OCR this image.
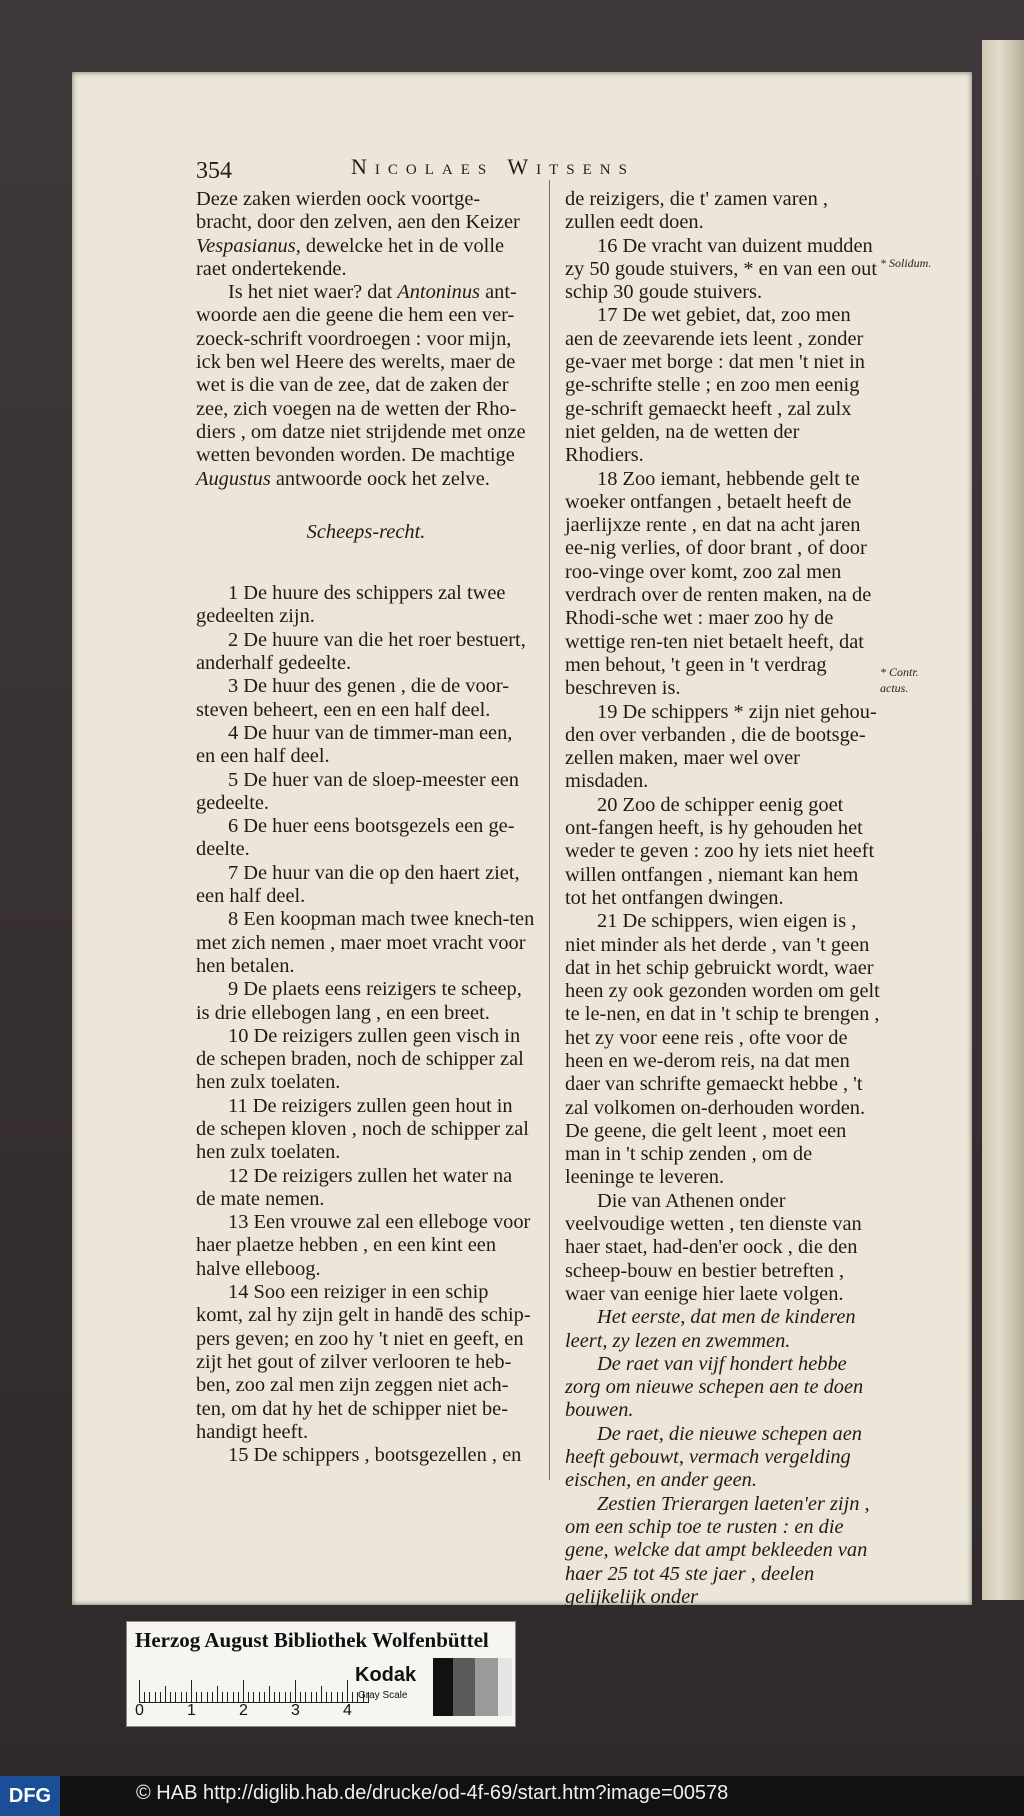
354	Nicolaes Witsens

Deze zaken wierden oock voortge-bracht, door den zelven, aen den Keizer Vespasianus, dewelcke het in de volle raet ondertekende.

Is het niet waer? dat Antoninus ant-woorde aen die geene die hem een ver-zoeck-schrift voordroegen : voor mijn, ick ben wel Heere des werelts, maer de wet is die van de zee, dat de zaken der zee, zich voegen na de wetten der Rho-diers , om datze niet strijdende met onze wetten bevonden worden. De machtige Augustus antwoorde oock het zelve.

Scheeps-recht.

1 De huure des schippers zal twee gedeelten zijn.

2 De huure van die het roer bestuert, anderhalf gedeelte.

3 De huur des genen , die de voor-steven beheert, een en een half deel.

4 De huur van de timmer-man een, en een half deel.

5 De huer van de sloep-meester een gedeelte.

6 De huer eens bootsgezels een ge-deelte.

7 De huur van die op den haert ziet, een half deel.

8 Een koopman mach twee knech-ten met zich nemen , maer moet vracht voor hen betalen.

9 De plaets eens reizigers te scheep, is drie ellebogen lang , en een breet.

10 De reizigers zullen geen visch in de schepen braden, noch de schipper zal hen zulx toelaten.

11 De reizigers zullen geen hout in de schepen kloven , noch de schipper zal hen zulx toelaten.

12 De reizigers zullen het water na de mate nemen.

13 Een vrouwe zal een elleboge voor haer plaetze hebben , en een kint een halve elleboog.

14 Soo een reiziger in een schip komt, zal hy zijn gelt in handē des schip-pers geven; en zoo hy 't niet en geeft, en zijt het gout of zilver verlooren te heb-ben, zoo zal men zijn zeggen niet ach-ten, om dat hy het de schipper niet be-handigt heeft.

15 De schippers , bootsgezellen , en

de reizigers, die t' zamen varen , zullen eedt doen.

16 De vracht van duizent mudden zy 50 goude stuivers, * en van een out schip 30 goude stuivers.

17 De wet gebiet, dat, zoo men aen de zeevarende iets leent , zonder ge-vaer met borge : dat men 't niet in ge-schrifte stelle ; en zoo men eenig ge-schrift gemaeckt heeft , zal zulx niet gelden, na de wetten der Rhodiers.

18 Zoo iemant, hebbende gelt te woeker ontfangen , betaelt heeft de jaerlijxze rente , en dat na acht jaren ee-nig verlies, of door brant , of door roo-vinge over komt, zoo zal men verdrach over de renten maken, na de Rhodi-sche wet : maer zoo hy de wettige ren-ten niet betaelt heeft, dat men behout, 't geen in 't verdrag beschreven is.

19 De schippers * zijn niet gehou-den over verbanden , die de bootsge-zellen maken, maer wel over misdaden.

20 Zoo de schipper eenig goet ont-fangen heeft, is hy gehouden het weder te geven : zoo hy iets niet heeft willen ontfangen , niemant kan hem tot het ontfangen dwingen.

21 De schippers, wien eigen is , niet minder als het derde , van 't geen dat in het schip gebruickt wordt, waer heen zy ook gezonden worden om gelt te le-nen, en dat in 't schip te brengen , het zy voor eene reis , ofte voor de heen en we-derom reis, na dat men daer van schrifte gemaeckt hebbe , 't zal volkomen on-derhouden worden. De geene, die gelt leent , moet een man in 't schip zenden , om de leeninge te leveren.

Die van Athenen onder veelvoudige wetten , ten dienste van haer staet, had-den'er oock , die den scheep-bouw en bestier betreften , waer van eenige hier laete volgen.

Het eerste, dat men de kinderen leert, zy lezen en zwemmen.

De raet van vijf hondert hebbe zorg om nieuwe schepen aen te doen bouwen.

De raet, die nieuwe schepen aen heeft gebouwt, vermach vergelding eischen, en ander geen.

Zestien Trierargen laeten'er zijn , om een schip toe te rusten : en die gene, welcke dat ampt bekleeden van haer 25 tot 45 ste jaer , deelen gelijkelijk onder

* Solidum.
* Contr. actus.
Herzog August Bibliothek Wolfenbüttel
0	1	2	3	4
Kodak
Gray Scale
DFG	© HAB http://diglib.hab.de/drucke/od-4f-69/start.htm?image=00578
